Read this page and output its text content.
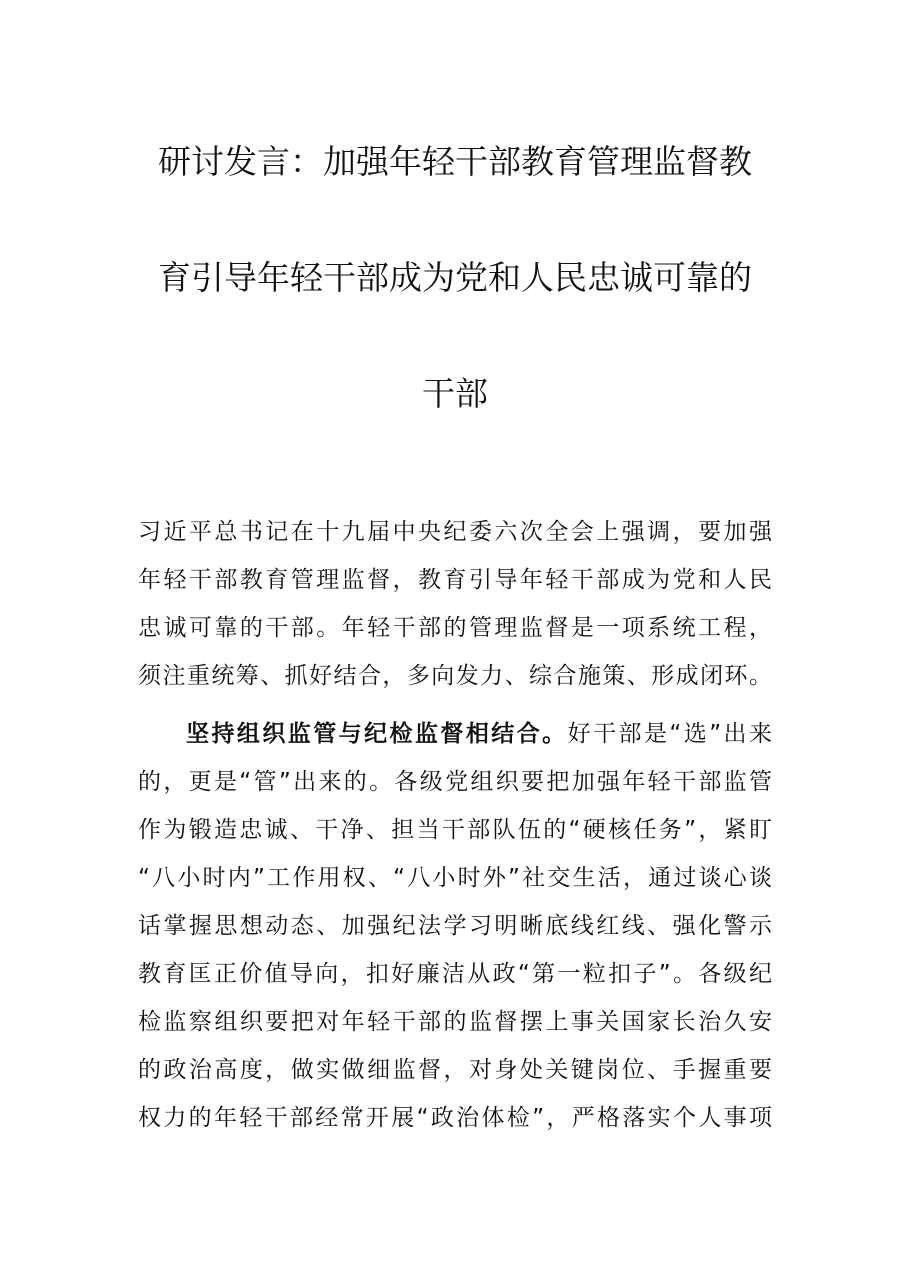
研讨发言：加强年轻干部教育管理监督教
育引导年轻干部成为党和人民忠诚可靠的
干部
习近平总书记在十九届中央纪委六次全会上强调，要加强
年轻干部教育管理监督，教育引导年轻干部成为党和人民
忠诚可靠的干部。年轻干部的管理监督是一项系统工程，
须注重统筹、抓好结合，多向发力、综合施策、形成闭环。
坚持组织监管与纪检监督相结合。好干部是“选”出来
的，更是“管”出来的。各级党组织要把加强年轻干部监管
作为锻造忠诚、干净、担当干部队伍的“硬核任务”，紧盯
“八小时内”工作用权、“八小时外”社交生活，通过谈心谈
话掌握思想动态、加强纪法学习明晰底线红线、强化警示
教育匡正价值导向，扣好廉洁从政“第一粒扣子”。各级纪
检监察组织要把对年轻干部的监督摆上事关国家长治久安
的政治高度，做实做细监督，对身处关键岗位、手握重要
权力的年轻干部经常开展“政治体检”，严格落实个人事项
